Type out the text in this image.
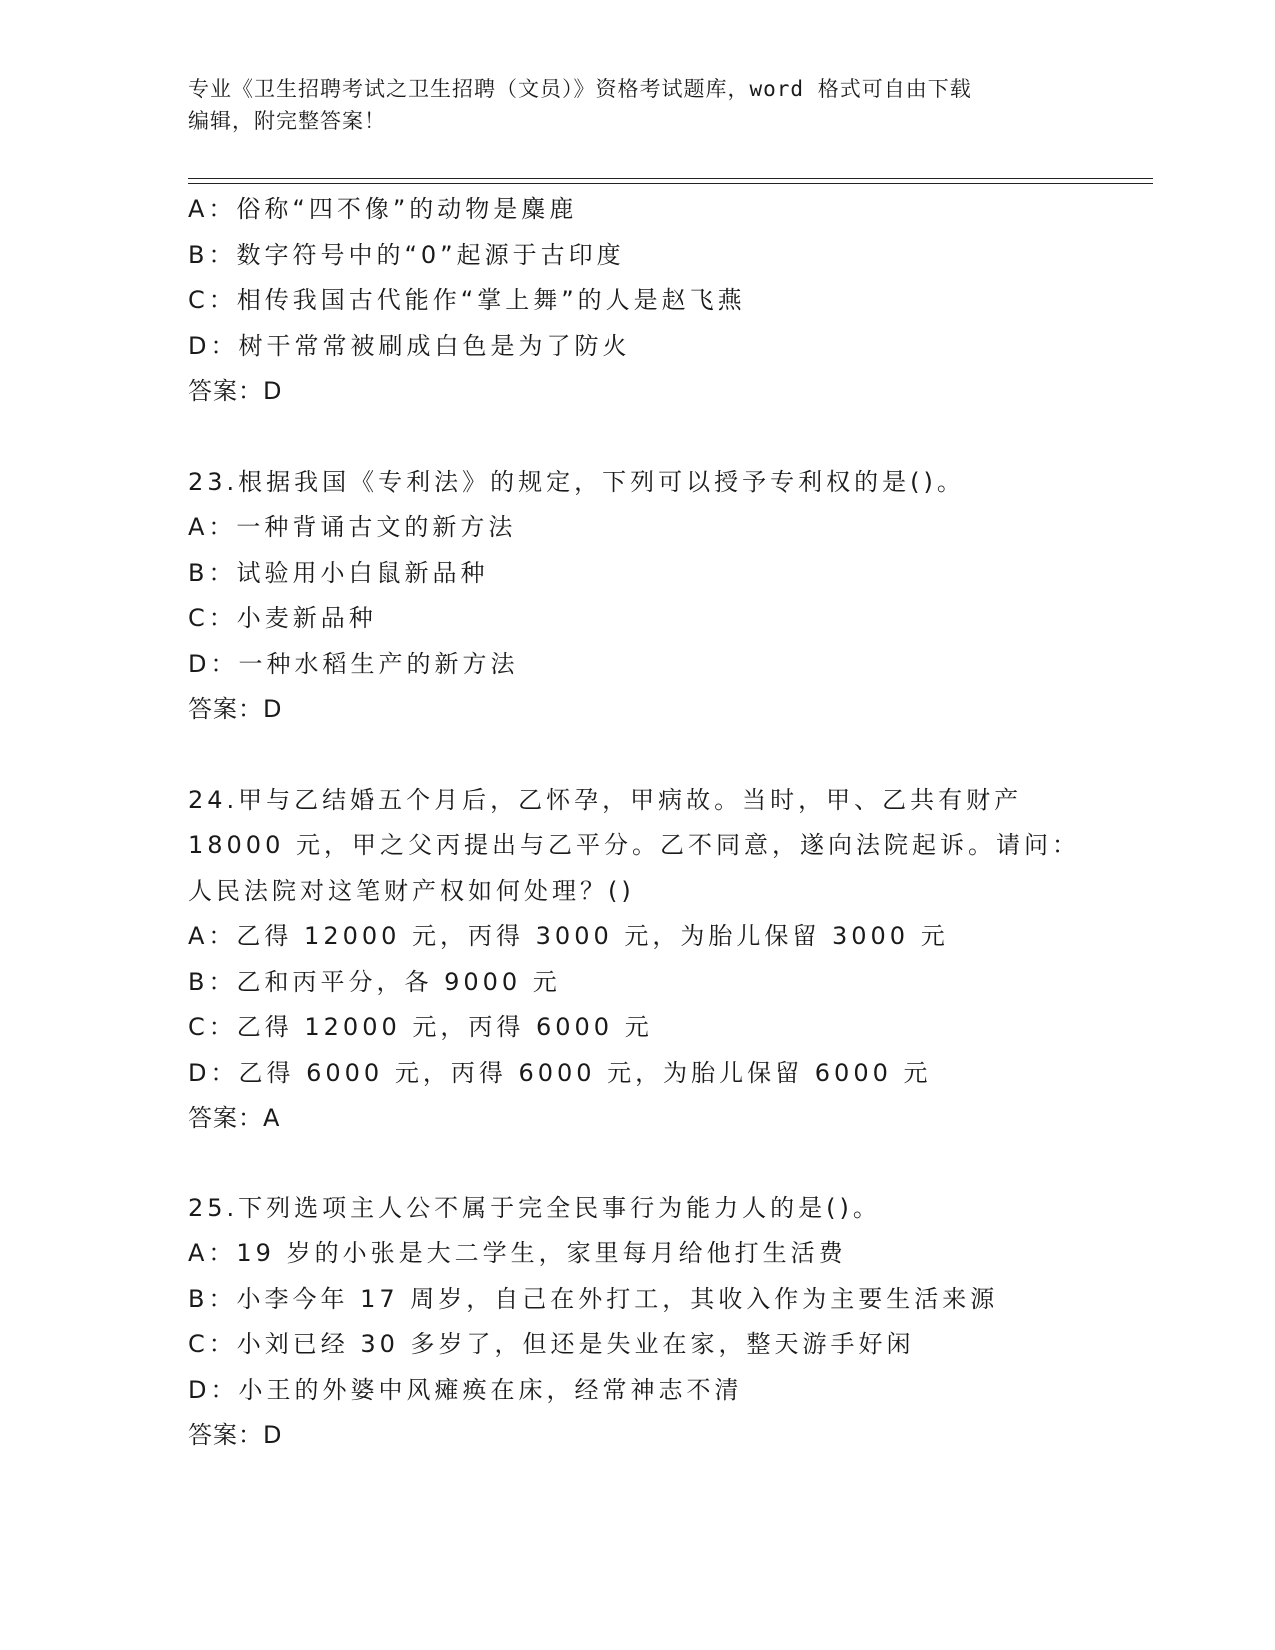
专业《卫生招聘考试之卫生招聘（文员）》资格考试题库，word 格式可自由下载
编辑，附完整答案！
A：俗称“四不像”的动物是麋鹿
B：数字符号中的“0”起源于古印度
C：相传我国古代能作“掌上舞”的人是赵飞燕
D：树干常常被刷成白色是为了防火
答案：D
23.根据我国《专利法》的规定，下列可以授予专利权的是()。
A：一种背诵古文的新方法
B：试验用小白鼠新品种
C：小麦新品种
D：一种水稻生产的新方法
答案：D
24.甲与乙结婚五个月后，乙怀孕，甲病故。当时，甲、乙共有财产
18000 元，甲之父丙提出与乙平分。乙不同意，遂向法院起诉。请问：
人民法院对这笔财产权如何处理？()
A：乙得 12000 元，丙得 3000 元，为胎儿保留 3000 元
B：乙和丙平分，各 9000 元
C：乙得 12000 元，丙得 6000 元
D：乙得 6000 元，丙得 6000 元，为胎儿保留 6000 元
答案：A
25.下列选项主人公不属于完全民事行为能力人的是()。
A：19 岁的小张是大二学生，家里每月给他打生活费
B：小李今年 17 周岁，自己在外打工，其收入作为主要生活来源
C：小刘已经 30 多岁了，但还是失业在家，整天游手好闲
D：小王的外婆中风瘫痪在床，经常神志不清
答案：D
